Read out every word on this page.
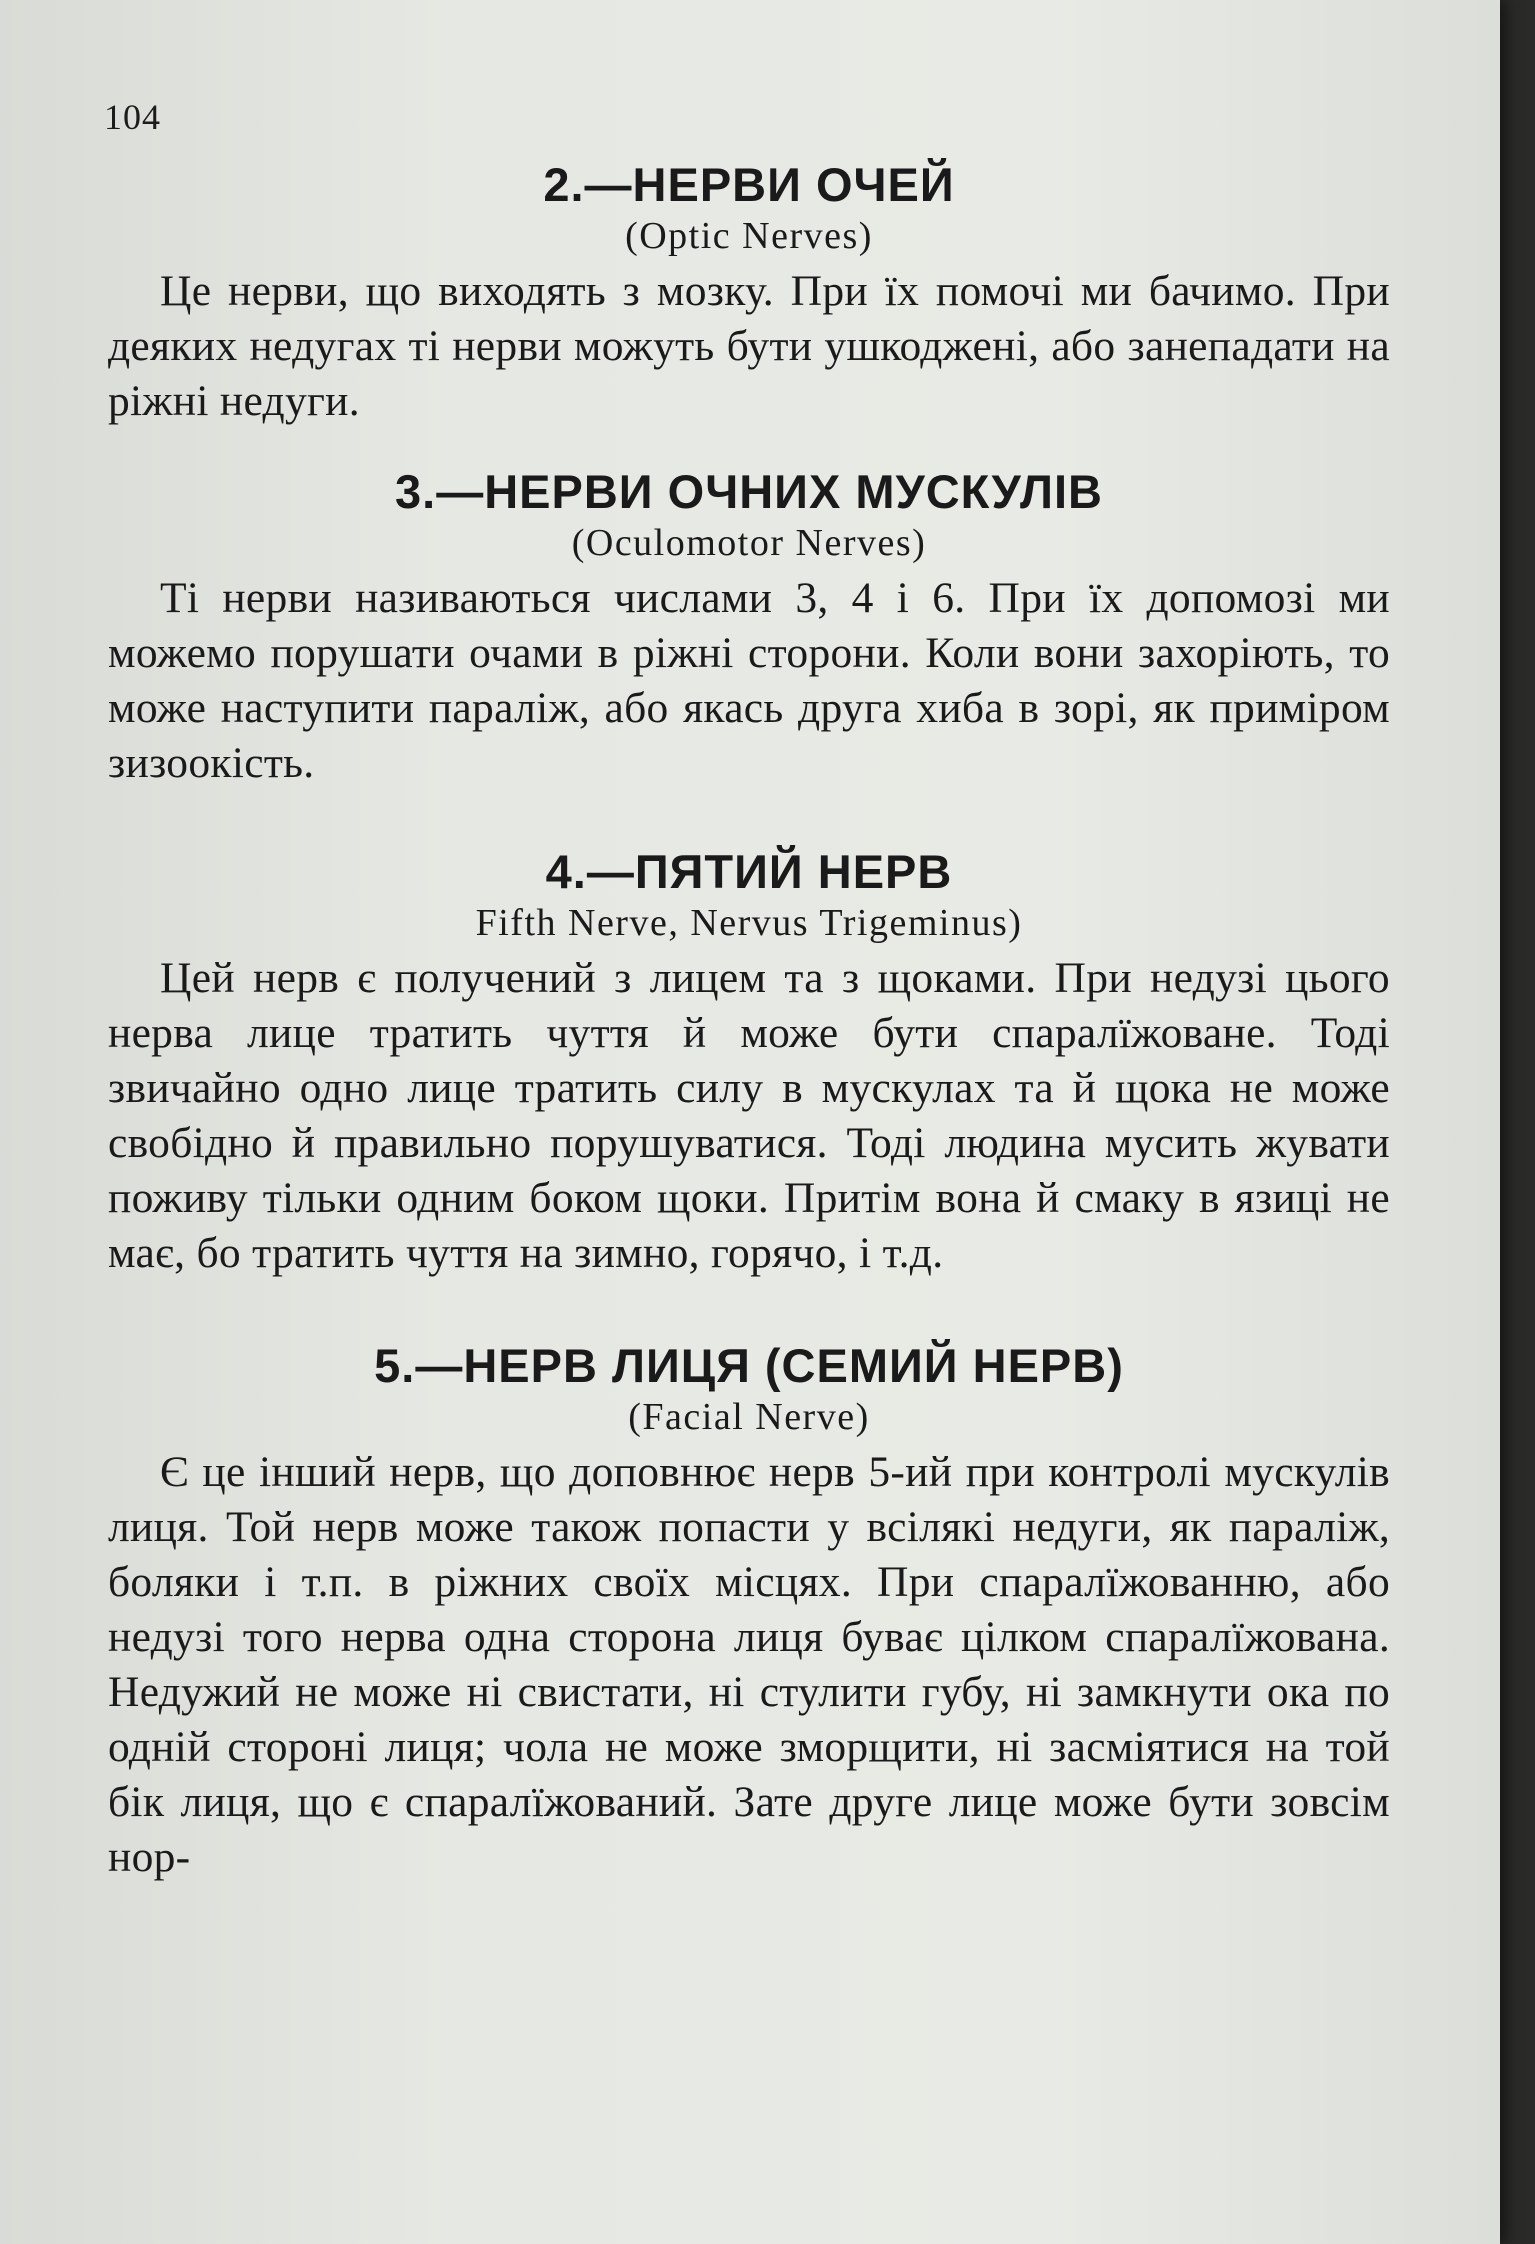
104
2.—НЕРВИ ОЧЕЙ

(Optic Nerves)

Це нерви, що виходять з мозку. При їх помочі ми бачимо. При деяких недугах ті нерви можуть бути ушкоджені, або занепадати на ріжні недуги.

3.—НЕРВИ ОЧНИХ МУСКУЛІВ

(Oculomotor Nerves)

Ті нерви називаються числами 3, 4 і 6. При їх допомозі ми можемо порушати очами в ріжні сторони. Коли вони захоріють, то може наступити параліж, або якась друга хиба в зорі, як приміром зизоокість.

4.—ПЯТИЙ НЕРВ

Fifth Nerve, Nervus Trigeminus)

Цей нерв є получений з лицем та з щоками. При недузі цього нерва лице тратить чуття й може бути спаралїжоване. Тоді звичайно одно лице тратить силу в мускулах та й щока не може свобідно й правильно порушуватися. Тоді людина мусить жувати поживу тільки одним боком щоки. Притім вона й смаку в язиці не має, бо тратить чуття на зимно, горячо, і т.д.

5.—НЕРВ ЛИЦЯ (СЕМИЙ НЕРВ)

(Facial Nerve)

Є це інший нерв, що доповнює нерв 5-ий при контролі мускулів лиця. Той нерв може також попасти у всілякі недуги, як параліж, боляки і т.п. в ріжних своїх місцях. При спаралїжованню, або недузі того нерва одна сторона лиця буває цілком спаралїжована. Недужий не може ні свистати, ні стулити губу, ні замкнути ока по одній стороні лиця; чола не може зморщити, ні засміятися на той бік лиця, що є спаралїжований. Зате друге лице може бути зовсім нор-
